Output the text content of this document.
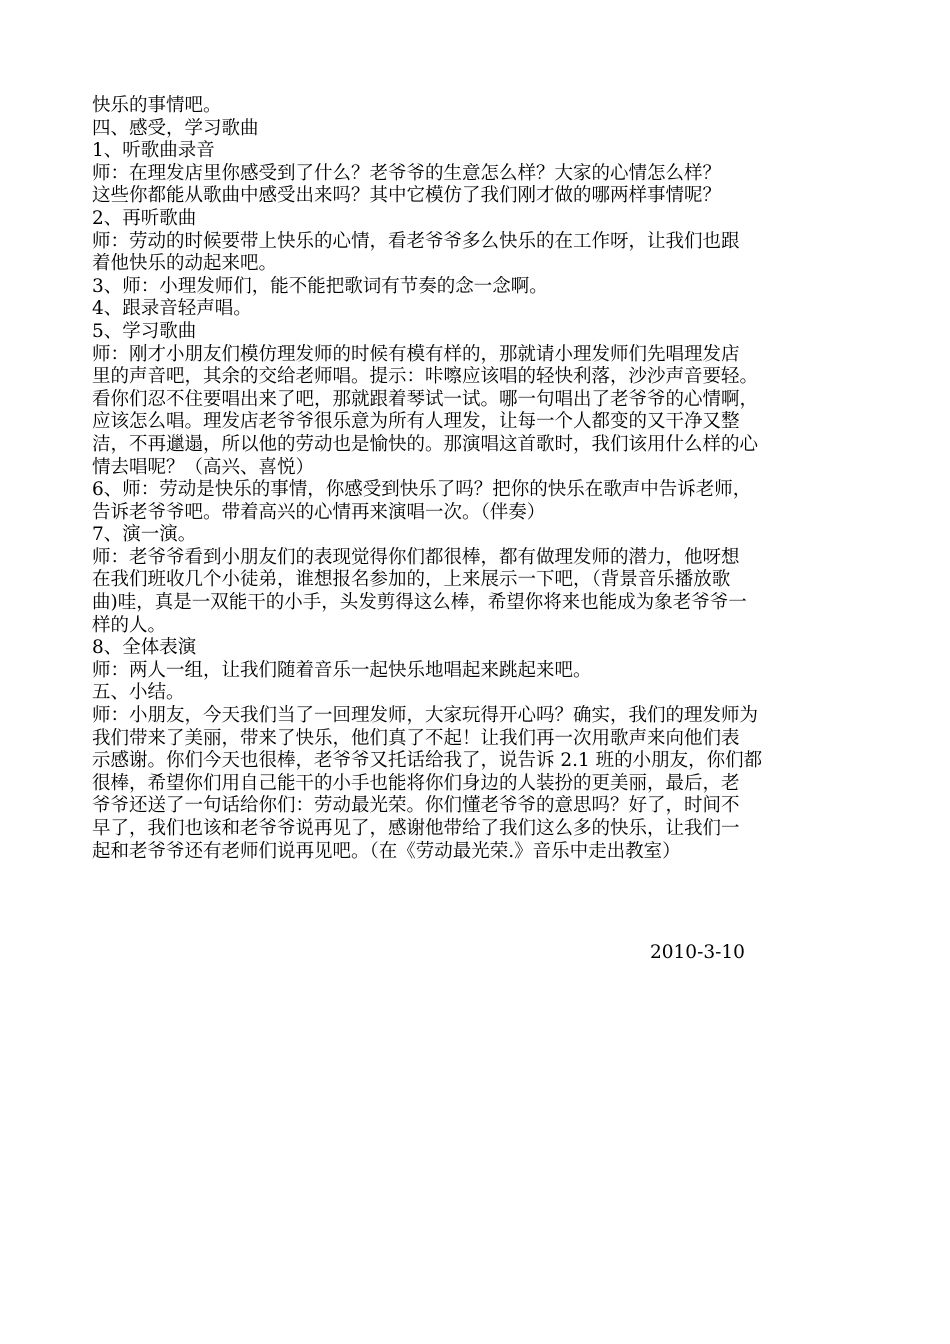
快乐的事情吧。
四、感受，学习歌曲
1、听歌曲录音
师：在理发店里你感受到了什么？老爷爷的生意怎么样？大家的心情怎么样？
这些你都能从歌曲中感受出来吗？其中它模仿了我们刚才做的哪两样事情呢？
2、再听歌曲
师：劳动的时候要带上快乐的心情，看老爷爷多么快乐的在工作呀，让我们也跟
着他快乐的动起来吧。
3、师：小理发师们，能不能把歌词有节奏的念一念啊。
4、跟录音轻声唱。
5、学习歌曲
师：刚才小朋友们模仿理发师的时候有模有样的，那就请小理发师们先唱理发店
里的声音吧，其余的交给老师唱。提示：咔嚓应该唱的轻快利落，沙沙声音要轻。
看你们忍不住要唱出来了吧，那就跟着琴试一试。哪一句唱出了老爷爷的心情啊，
应该怎么唱。理发店老爷爷很乐意为所有人理发，让每一个人都变的又干净又整
洁，不再邋遢，所以他的劳动也是愉快的。那演唱这首歌时，我们该用什么样的心
情去唱呢？（高兴、喜悦）
6、师：劳动是快乐的事情，你感受到快乐了吗？把你的快乐在歌声中告诉老师，
告诉老爷爷吧。带着高兴的心情再来演唱一次。（伴奏）
7、演一演。
师：老爷爷看到小朋友们的表现觉得你们都很棒，都有做理发师的潜力，他呀想
在我们班收几个小徒弟，谁想报名参加的，上来展示一下吧，（背景音乐播放歌
曲)哇，真是一双能干的小手，头发剪得这么棒，希望你将来也能成为象老爷爷一
样的人。
8、全体表演
师：两人一组，让我们随着音乐一起快乐地唱起来跳起来吧。
五、小结。
师：小朋友，今天我们当了一回理发师，大家玩得开心吗？确实，我们的理发师为
我们带来了美丽，带来了快乐，他们真了不起！让我们再一次用歌声来向他们表
示感谢。你们今天也很棒，老爷爷又托话给我了，说告诉 2.1 班的小朋友，你们都
很棒，希望你们用自己能干的小手也能将你们身边的人装扮的更美丽，最后，老
爷爷还送了一句话给你们：劳动最光荣。你们懂老爷爷的意思吗？好了，时间不
早了，我们也该和老爷爷说再见了，感谢他带给了我们这么多的快乐，让我们一
起和老爷爷还有老师们说再见吧。（在《劳动最光荣.》音乐中走出教室）
2010-3-10
